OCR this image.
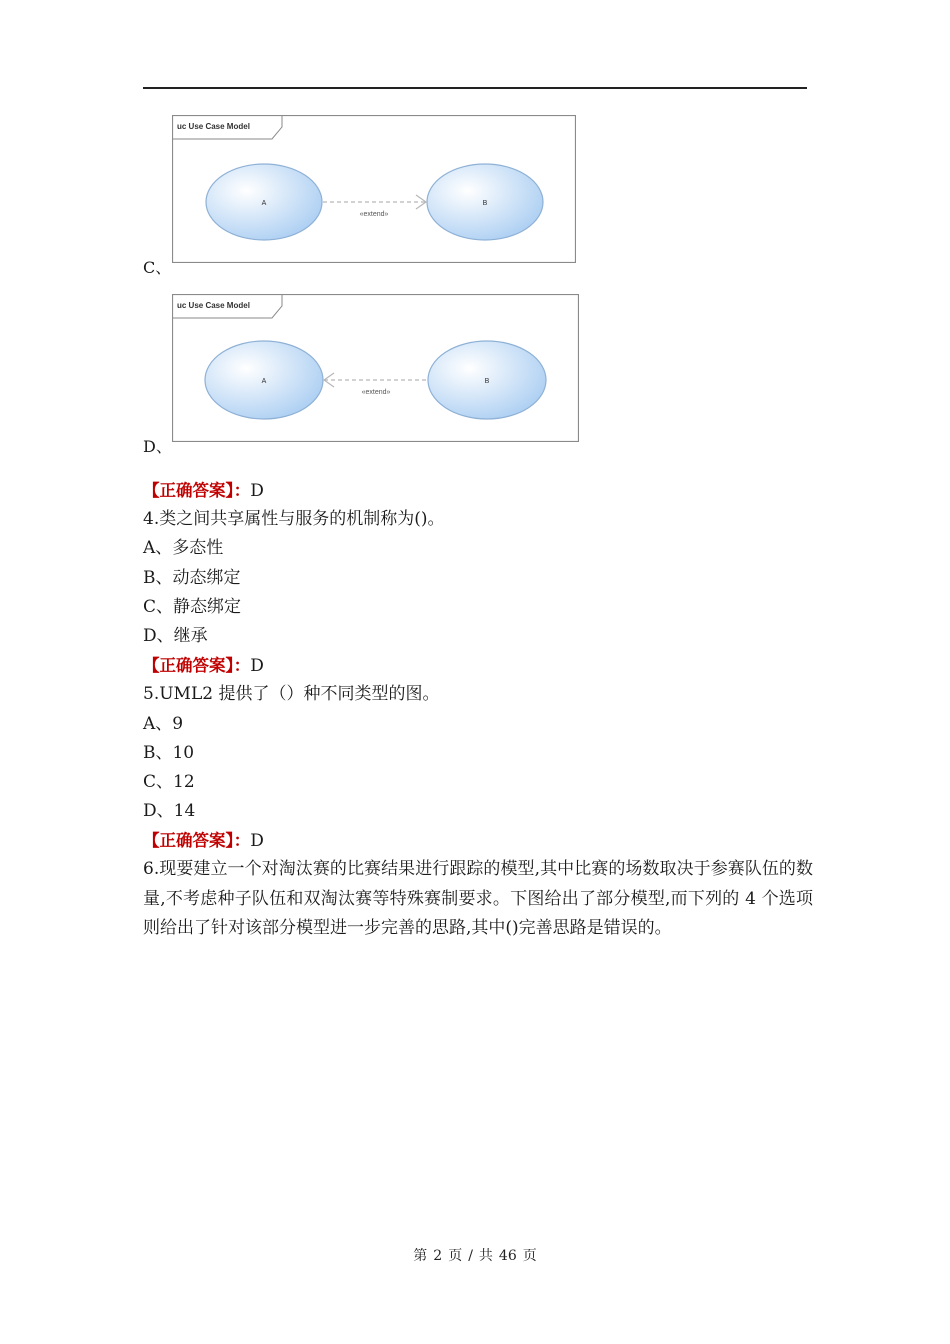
uc Use Case Model
A	B
«extend»
C、
uc Use Case Model
A	B
«extend»
D、
【正确答案】：D
4.类之间共享属性与服务的机制称为()。
A、多态性
B、动态绑定
C、静态绑定
D、继承
【正确答案】：D
5.UML2 提供了（）种不同类型的图。
A、9
B、10
C、12
D、14
【正确答案】：D
6.现要建立一个对淘汰赛的比赛结果进行跟踪的模型,其中比赛的场数取决于参赛队伍的数 量,不考虑种子队伍和双淘汰赛等特殊赛制要求。下图给出了部分模型,而下列的 4 个选项 则给出了针对该部分模型进一步完善的思路,其中()完善思路是错误的。
第 2 页 / 共 46 页
